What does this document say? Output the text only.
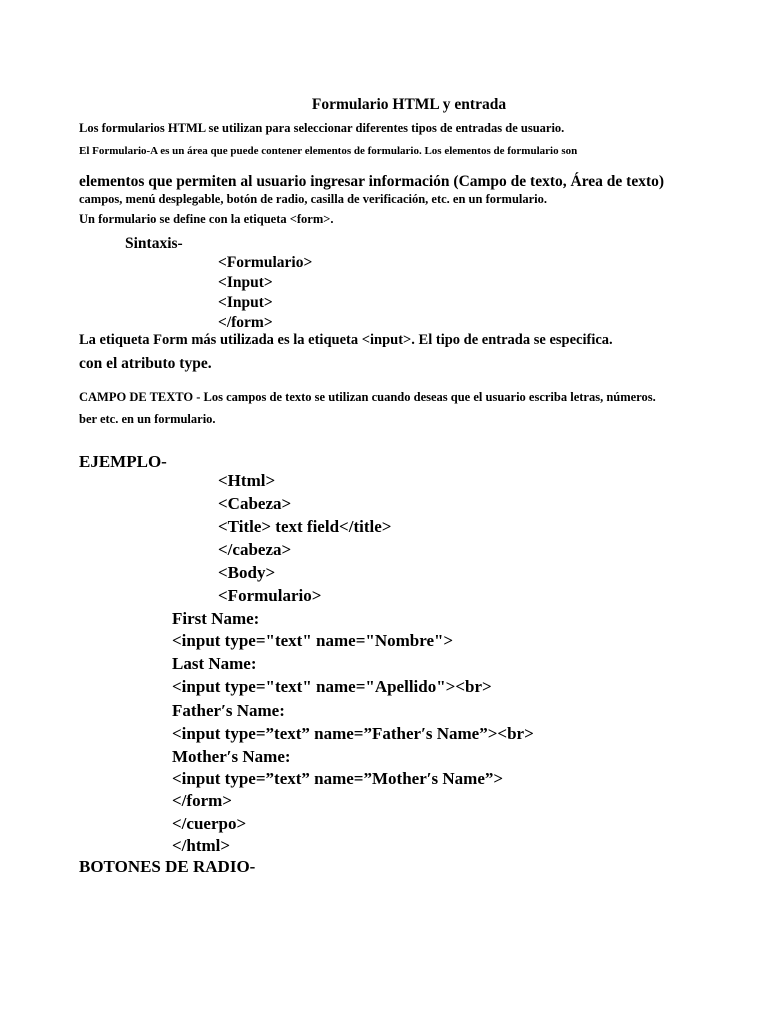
Formulario HTML y entrada
Los formularios HTML se utilizan para seleccionar diferentes tipos de entradas de usuario.
El Formulario-A es un área que puede contener elementos de formulario. Los elementos de formulario son
elementos que permiten al usuario ingresar información (Campo de texto, Área de texto)
campos, menú desplegable, botón de radio, casilla de verificación, etc. en un formulario.
Un formulario se define con la etiqueta <form>.
Sintaxis-
<Formulario>
<Input>
<Input>
</form>
La etiqueta Form más utilizada es la etiqueta <input>. El tipo de entrada se especifica.
con el atributo type.
CAMPO DE TEXTO - Los campos de texto se utilizan cuando deseas que el usuario escriba letras, números.
ber etc. en un formulario.
EJEMPLO-
<Html>
<Cabeza>
<Title> text field</title>
</cabeza>
<Body>
<Formulario>
First Name:
<input type="text" name="Nombre">
Last Name:
<input type="text" name="Apellido"><br>
Father′s Name:
<input type=”text” name=”Father′s Name”><br>
Mother′s Name:
<input type=”text” name=”Mother′s Name”>
</form>
</cuerpo>
</html>
BOTONES DE RADIO-
